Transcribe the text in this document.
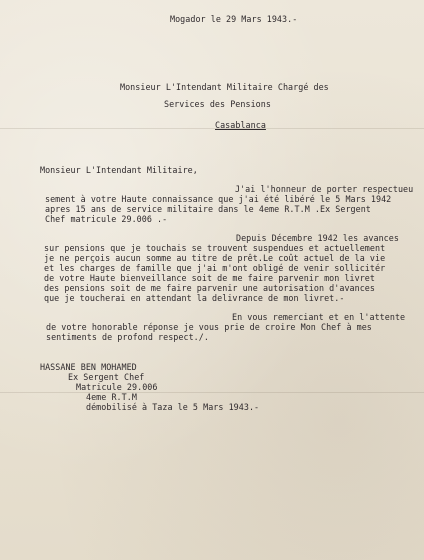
Mogador le 29 Mars 1943.-
Monsieur L'Intendant Militaire Chargé des
Services des Pensions
Casablanca
Monsieur L'Intendant Militaire,
J'ai l'honneur de porter respectueu
sement à votre Haute connaissance que j'ai été libéré le 5 Mars 1942
apres 15 ans de service militaire dans le 4eme R.T.M .Ex Sergent
Chef matricule 29.006 .-
Depuis Décembre 1942 les avances
sur pensions que je touchais se trouvent suspendues et actuellement
je ne perçois aucun somme au titre de prêt.Le coût actuel de la vie
et les charges de famille que j'ai m'ont obligé de venir sollicitér
de votre Haute bienveillance soit de me faire parvenir mon livret
des pensions soit de me faire parvenir une autorisation d'avances
que je toucherai en attendant la delivrance de mon livret.-
En vous remerciant et en l'attente
de votre honorable réponse je vous prie de croire Mon Chef à mes
sentiments de profond respect./.
HASSANE BEN MOHAMED
Ex Sergent Chef
Matricule 29.006
4eme R.T.M
démobilisé à Taza le 5 Mars 1943.-
